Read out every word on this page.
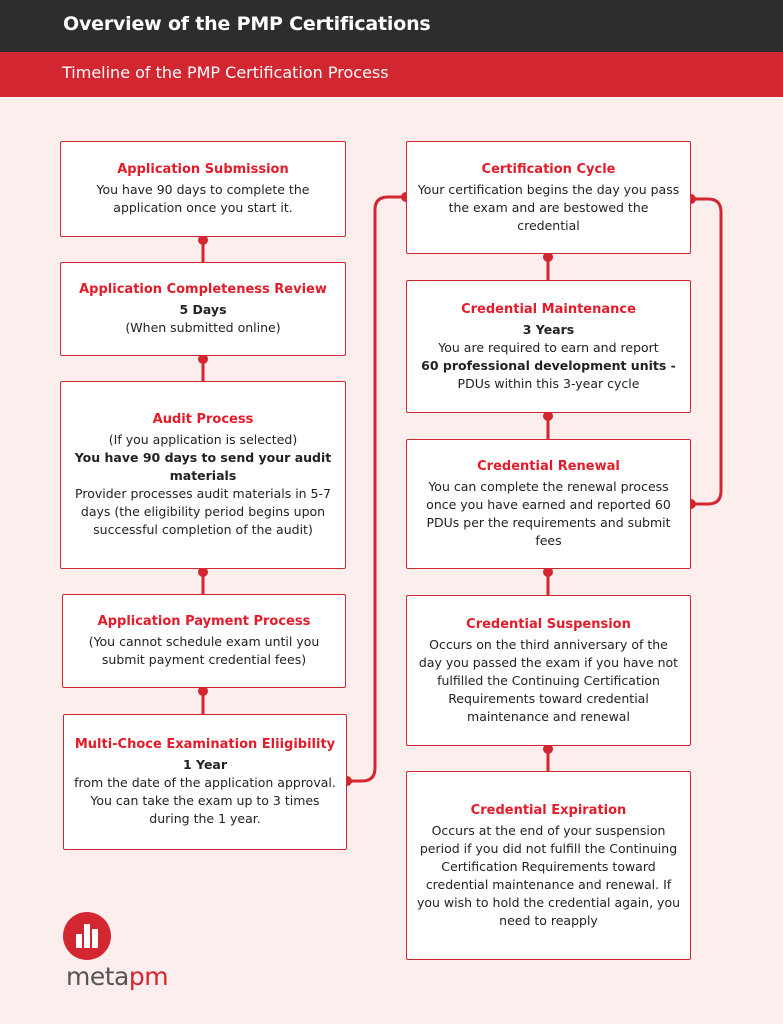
Overview of the PMP Certifications
Timeline of the PMP Certification Process
Application Submission
You have 90 days to complete the application once you start it.
Application Completeness Review
5 Days
(When submitted online)
Audit Process
(If you application is selected)
You have 90 days to send your audit materials
Provider processes audit materials in 5-7 days (the eligibility period begins upon successful completion of the audit)
Application Payment Process
(You cannot schedule exam until you submit payment credential fees)
Multi-Choce Examination Eliigibility
1 Year
from the date of the application approval. You can take the exam up to 3 times during the 1 year.
Certification Cycle
Your certification begins the day you pass the exam and are bestowed the credential
Credential Maintenance
3 Years
You are required to earn and report
60 professional development units -
PDUs within this 3-year cycle
Credential Renewal
You can complete the renewal process once you have earned and reported 60 PDUs per the requirements and submit fees
Credential Suspension
Occurs on the third anniversary of the day you passed the exam if you have not fulfilled the Continuing Certification Requirements toward credential maintenance and renewal
Credential Expiration
Occurs at the end of your suspension period if you did not fulfill the Continuing Certification Requirements toward credential maintenance and renewal. If you wish to hold the credential again, you need to reapply
metapm
